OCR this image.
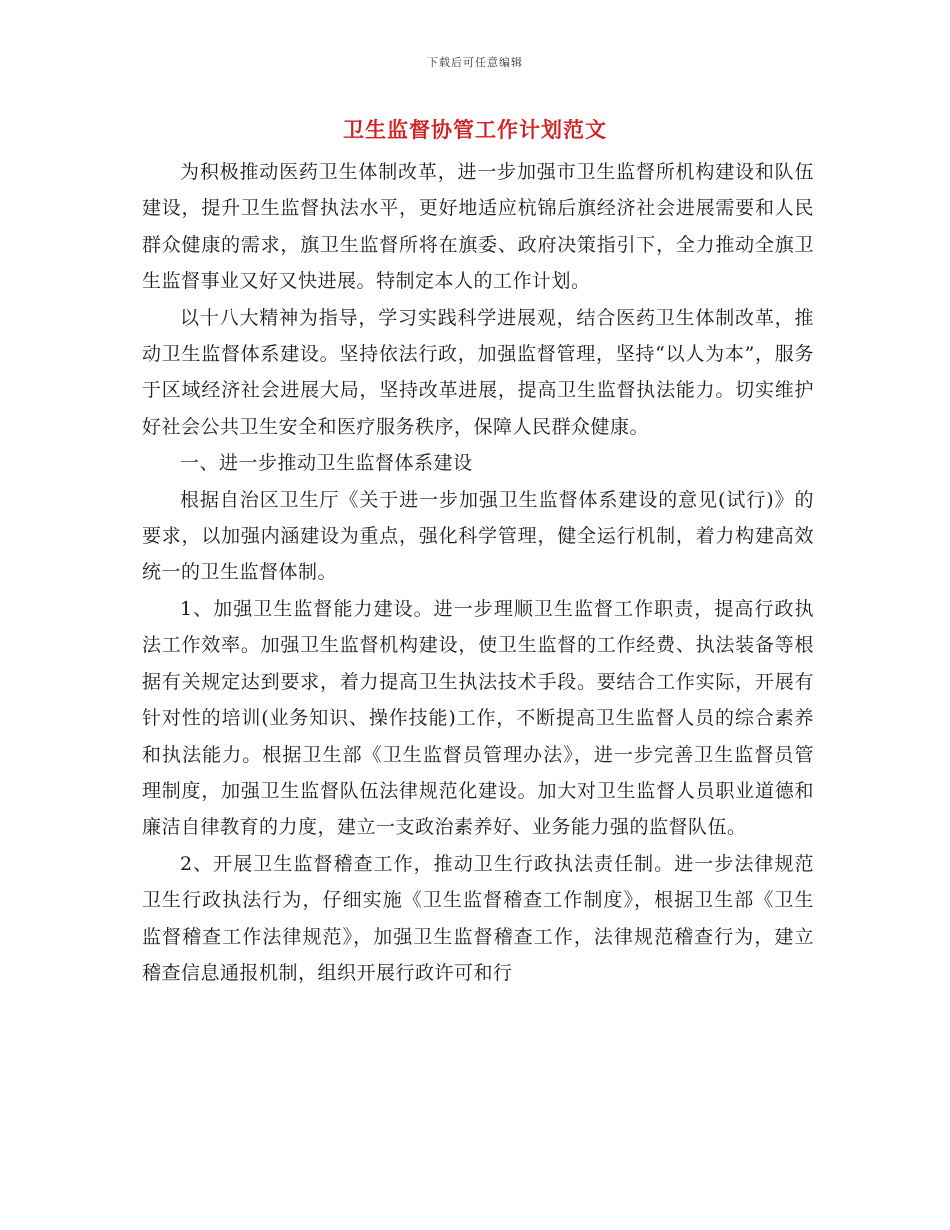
下载后可任意编辑
卫生监督协管工作计划范文

为积极推动医药卫生体制改革，进一步加强市卫生监督所机构建设和队伍建设，提升卫生监督执法水平，更好地适应杭锦后旗经济社会进展需要和人民群众健康的需求，旗卫生监督所将在旗委、政府决策指引下，全力推动全旗卫生监督事业又好又快进展。特制定本人的工作计划。

以十八大精神为指导，学习实践科学进展观，结合医药卫生体制改革，推动卫生监督体系建设。坚持依法行政，加强监督管理，坚持“以人为本”，服务于区域经济社会进展大局，坚持改革进展，提高卫生监督执法能力。切实维护好社会公共卫生安全和医疗服务秩序，保障人民群众健康。

一、进一步推动卫生监督体系建设

根据自治区卫生厅《关于进一步加强卫生监督体系建设的意见(试行)》的要求，以加强内涵建设为重点，强化科学管理，健全运行机制，着力构建高效统一的卫生监督体制。

1、加强卫生监督能力建设。进一步理顺卫生监督工作职责，提高行政执法工作效率。加强卫生监督机构建设，使卫生监督的工作经费、执法装备等根据有关规定达到要求，着力提高卫生执法技术手段。要结合工作实际，开展有针对性的培训(业务知识、操作技能)工作，不断提高卫生监督人员的综合素养和执法能力。根据卫生部《卫生监督员管理办法》，进一步完善卫生监督员管理制度，加强卫生监督队伍法律规范化建设。加大对卫生监督人员职业道德和廉洁自律教育的力度，建立一支政治素养好、业务能力强的监督队伍。

2、开展卫生监督稽查工作，推动卫生行政执法责任制。进一步法律规范卫生行政执法行为，仔细实施《卫生监督稽查工作制度》，根据卫生部《卫生监督稽查工作法律规范》，加强卫生监督稽查工作，法律规范稽查行为，建立稽查信息通报机制，组织开展行政许可和行
